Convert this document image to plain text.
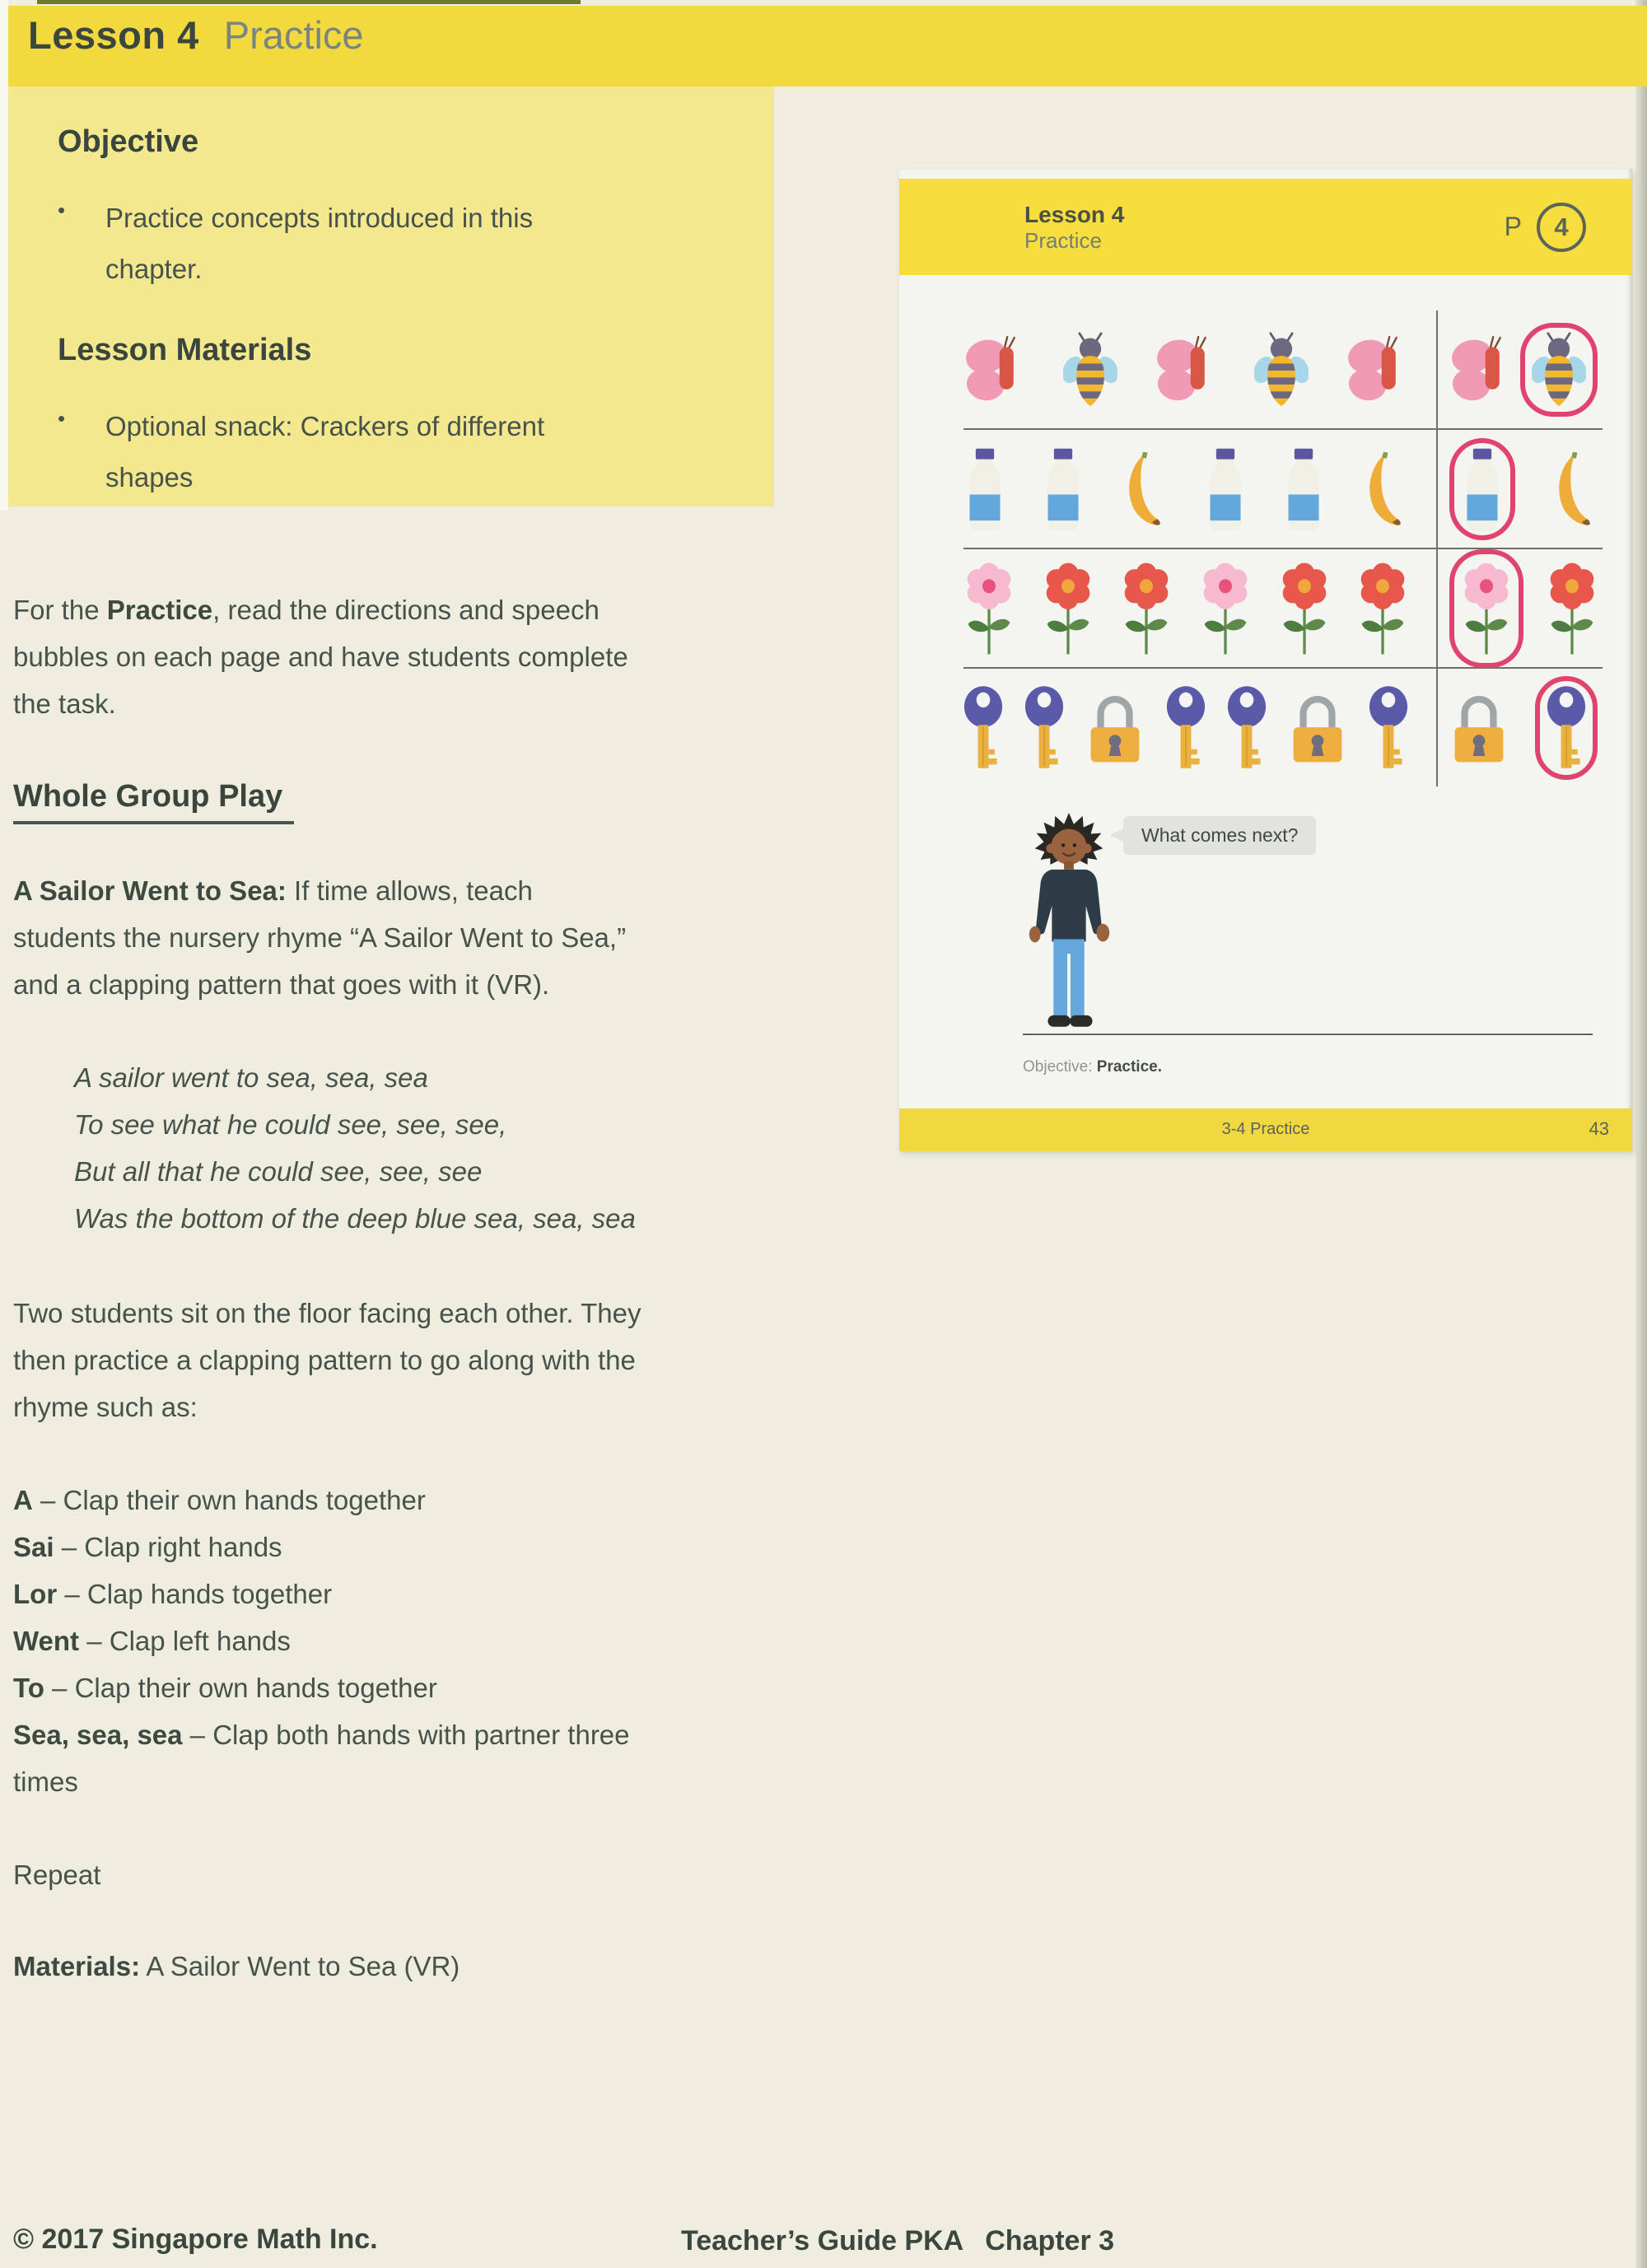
Lesson 4 Practice
Objective
•	Practice concepts introduced in this
chapter.
Lesson Materials
•	Optional snack: Crackers of different
shapes
For the Practice, read the directions and speech
bubbles on each page and have students complete
the task.
Whole Group Play
A Sailor Went to Sea: If time allows, teach
students the nursery rhyme “A Sailor Went to Sea,”
and a clapping pattern that goes with it (VR).
A sailor went to sea, sea, sea
To see what he could see, see, see,
But all that he could see, see, see
Was the bottom of the deep blue sea, sea, sea
Two students sit on the floor facing each other. They
then practice a clapping pattern to go along with the
rhyme such as:
A – Clap their own hands together
Sai – Clap right hands
Lor – Clap hands together
Went – Clap left hands
To – Clap their own hands together
Sea, sea, sea – Clap both hands with partner three
times
Repeat
Materials: A Sailor Went to Sea (VR)
Lesson 4
Practice	P 4
What comes next?
Objective: Practice.
3-4 Practice	43
© 2017 Singapore Math Inc.	Teacher’s Guide PKA Chapter 3
